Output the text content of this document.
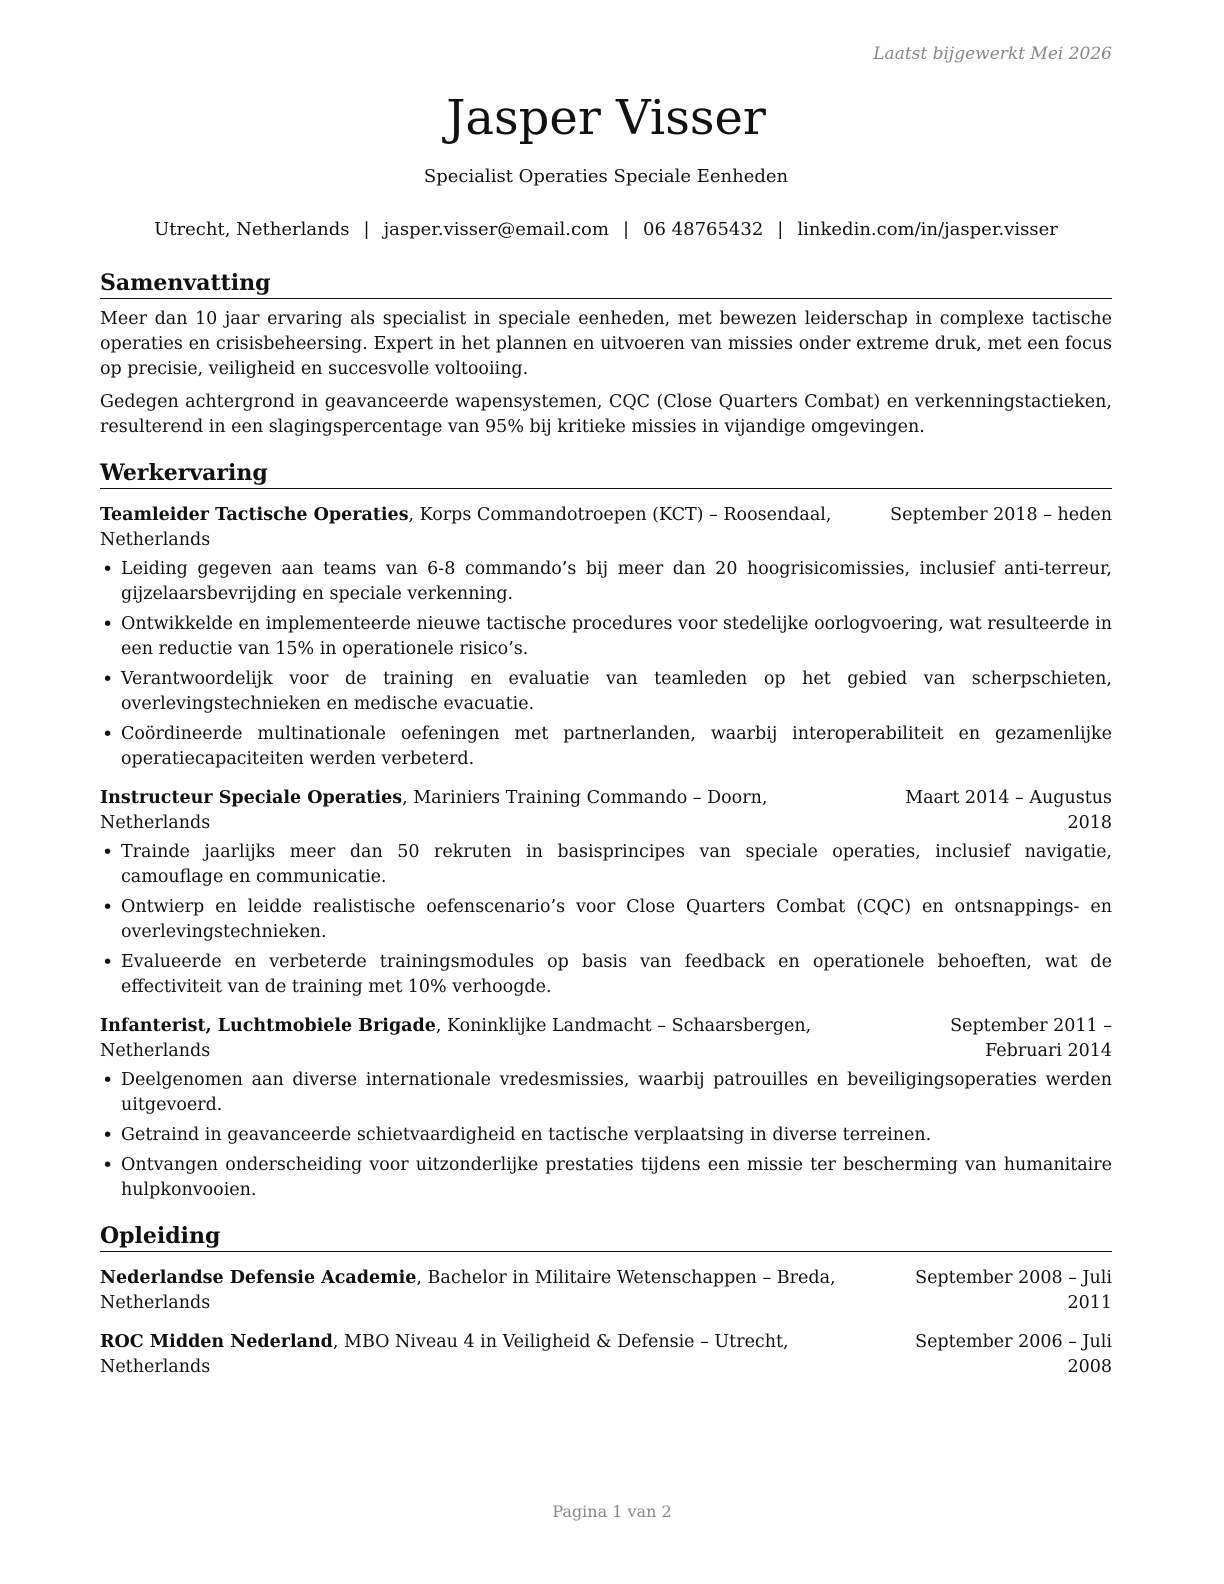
Laatst bijgewerkt Mei 2026
Jasper Visser
Specialist Operaties Speciale Eenheden
Utrecht, Netherlands | jasper.visser@email.com | 06 48765432 | linkedin.com/in/jasper.visser
Samenvatting

Meer dan 10 jaar ervaring als specialist in speciale eenheden, met bewezen leiderschap in complexe tactische operaties en crisisbeheersing. Expert in het plannen en uitvoeren van missies onder extreme druk, met een focus op precisie, veiligheid en succesvolle voltooiing.

Gedegen achtergrond in geavanceerde wapensystemen, CQC (Close Quarters Combat) en verkenningstactieken, resulterend in een slagingspercentage van 95% bij kritieke missies in vijandige omgevingen.

Werkervaring
Teamleider Tactische Operaties, Korps Commandotroepen (KCT) – Roosendaal, Netherlands
September 2018 – heden
• Leiding gegeven aan teams van 6-8 commando’s bij meer dan 20 hoogrisicomissies, inclusief anti-terreur, gijzelaarsbevrijding en speciale verkenning.
• Ontwikkelde en implementeerde nieuwe tactische procedures voor stedelijke oorlogvoering, wat resulteerde in een reductie van 15% in operationele risico’s.
• Verantwoordelijk voor de training en evaluatie van teamleden op het gebied van scherpschieten, overlevingstechnieken en medische evacuatie.
• Coördineerde multinationale oefeningen met partnerlanden, waarbij interoperabiliteit en gezamenlijke operatiecapaciteiten werden verbeterd.
Instructeur Speciale Operaties, Mariniers Training Commando – Doorn, Netherlands
Maart 2014 – Augustus 2018
• Trainde jaarlijks meer dan 50 rekruten in basisprincipes van speciale operaties, inclusief navigatie, camouflage en communicatie.
• Ontwierp en leidde realistische oefenscenario’s voor Close Quarters Combat (CQC) en ontsnappings- en overlevingstechnieken.
• Evalueerde en verbeterde trainingsmodules op basis van feedback en operationele behoeften, wat de effectiviteit van de training met 10% verhoogde.
Infanterist, Luchtmobiele Brigade, Koninklijke Landmacht – Schaarsbergen, Netherlands
September 2011 – Februari 2014
• Deelgenomen aan diverse internationale vredesmissies, waarbij patrouilles en beveiligingsoperaties werden uitgevoerd.
• Getraind in geavanceerde schietvaardigheid en tactische verplaatsing in diverse terreinen.
• Ontvangen onderscheiding voor uitzonderlijke prestaties tijdens een missie ter bescherming van humanitaire hulpkonvooien.
Opleiding
Nederlandse Defensie Academie, Bachelor in Militaire Wetenschappen – Breda, Netherlands
September 2008 – Juli 2011
ROC Midden Nederland, MBO Niveau 4 in Veiligheid & Defensie – Utrecht, Netherlands
September 2006 – Juli 2008
Pagina 1 van 2
